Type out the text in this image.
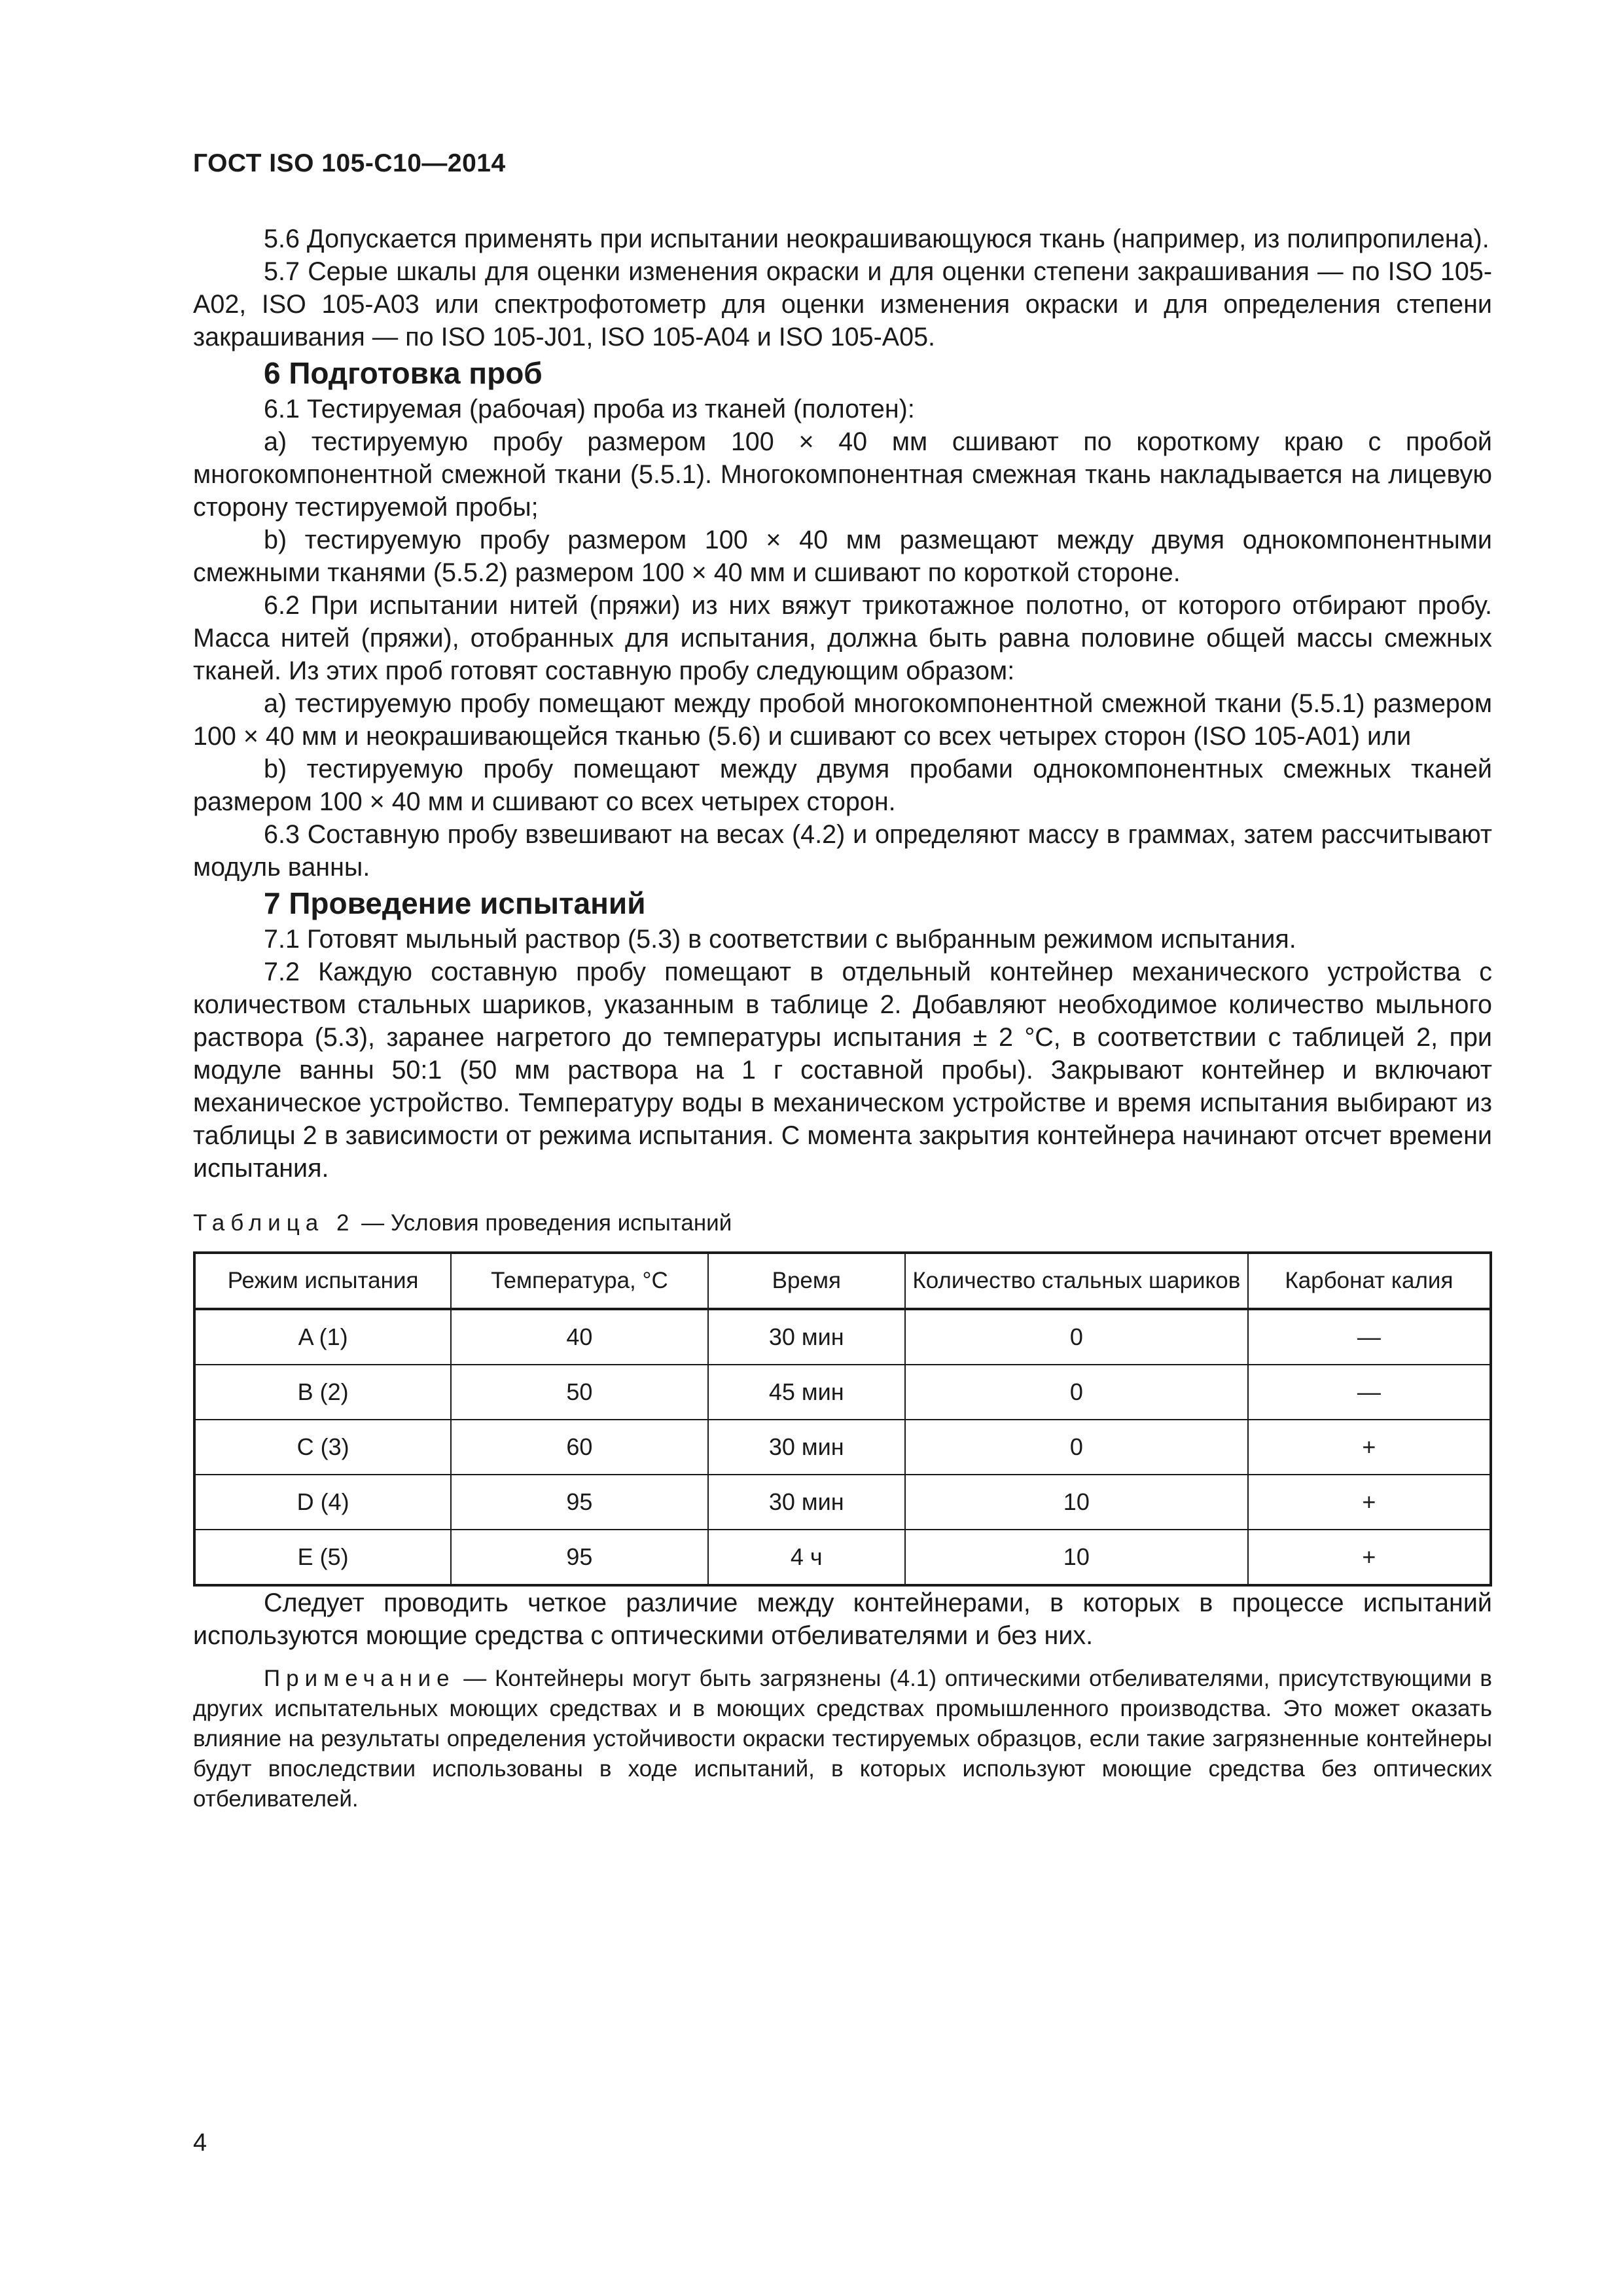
ГОСТ ISO 105-C10—2014

5.6 Допускается применять при испытании неокрашивающуюся ткань (например, из полипропилена).

5.7 Серые шкалы для оценки изменения окраски и для оценки степени закрашивания — по ISO 105-A02, ISO 105-A03 или спектрофотометр для оценки изменения окраски и для определения степени закрашивания — по ISO 105-J01, ISO 105-A04 и ISO 105-A05.

6 Подготовка проб

6.1 Тестируемая (рабочая) проба из тканей (полотен):

а) тестируемую пробу размером 100 × 40 мм сшивают по короткому краю с пробой многокомпонентной смежной ткани (5.5.1). Многокомпонентная смежная ткань накладывается на лицевую сторону тестируемой пробы;

b) тестируемую пробу размером 100 × 40 мм размещают между двумя однокомпонентными смежными тканями (5.5.2) размером 100 × 40 мм и сшивают по короткой стороне.

6.2 При испытании нитей (пряжи) из них вяжут трикотажное полотно, от которого отбирают пробу. Масса нитей (пряжи), отобранных для испытания, должна быть равна половине общей массы смежных тканей. Из этих проб готовят составную пробу следующим образом:

а) тестируемую пробу помещают между пробой многокомпонентной смежной ткани (5.5.1) размером 100 × 40 мм и неокрашивающейся тканью (5.6) и сшивают со всех четырех сторон (ISO 105-A01) или

b) тестируемую пробу помещают между двумя пробами однокомпонентных смежных тканей размером 100 × 40 мм и сшивают со всех четырех сторон.

6.3 Составную пробу взвешивают на весах (4.2) и определяют массу в граммах, затем рассчитывают модуль ванны.

7 Проведение испытаний

7.1 Готовят мыльный раствор (5.3) в соответствии с выбранным режимом испытания.

7.2 Каждую составную пробу помещают в отдельный контейнер механического устройства с количеством стальных шариков, указанным в таблице 2. Добавляют необходимое количество мыльного раствора (5.3), заранее нагретого до температуры испытания ± 2 °C, в соответствии с таблицей 2, при модуле ванны 50:1 (50 мм раствора на 1 г составной пробы). Закрывают контейнер и включают механическое устройство. Температуру воды в механическом устройстве и время испытания выбирают из таблицы 2 в зависимости от режима испытания. С момента закрытия контейнера начинают отсчет времени испытания.

Таблица 2 — Условия проведения испытаний
Режим испытания	Температура, °C	Время	Количество стальных шариков	Карбонат калия
A (1)	40	30 мин	0	—
B (2)	50	45 мин	0	—
C (3)	60	30 мин	0	+
D (4)	95	30 мин	10	+
E (5)	95	4 ч	10	+

Следует проводить четкое различие между контейнерами, в которых в процессе испытаний используются моющие средства с оптическими отбеливателями и без них.

Примечание — Контейнеры могут быть загрязнены (4.1) оптическими отбеливателями, присутствующими в других испытательных моющих средствах и в моющих средствах промышленного производства. Это может оказать влияние на результаты определения устойчивости окраски тестируемых образцов, если такие загрязненные контейнеры будут впоследствии использованы в ходе испытаний, в которых используют моющие средства без оптических отбеливателей.

4
